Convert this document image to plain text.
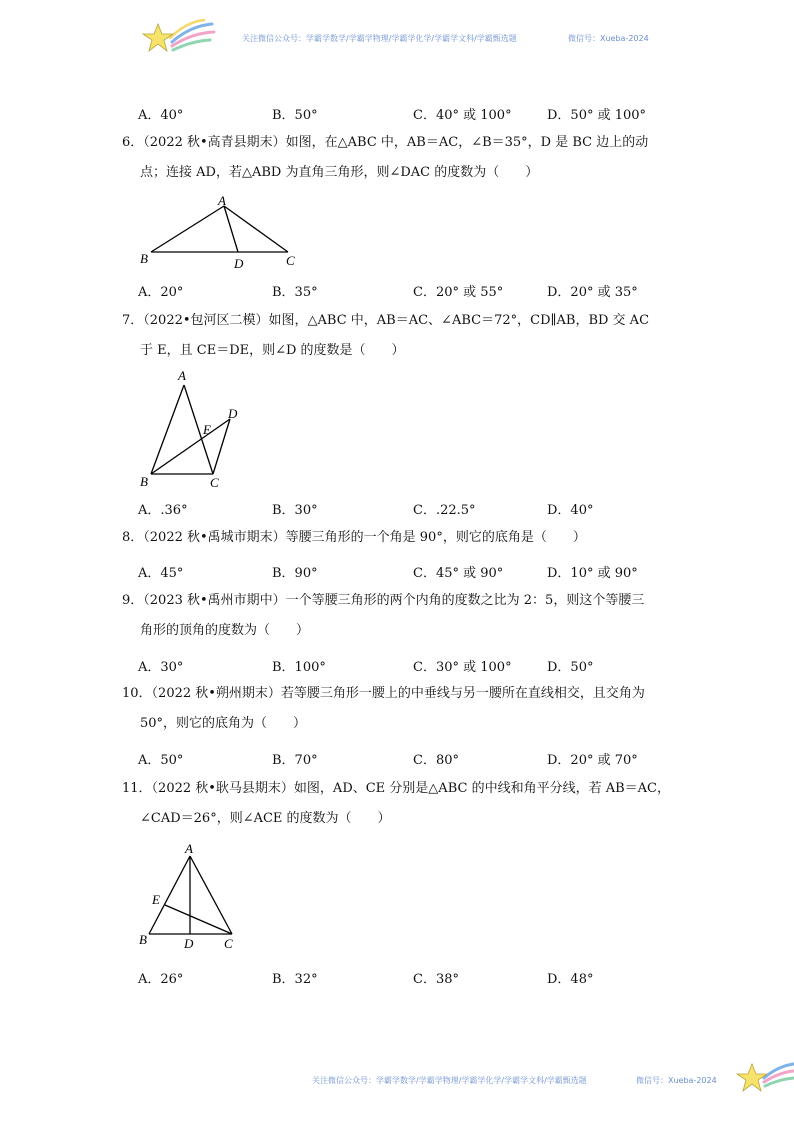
关注微信公众号：学霸学数学/学霸学物理/学霸学化学/学霸学文科/学霸甄选题	微信号：Xueba-2024
A．40°	B．50°	C．40° 或 100°	D．50° 或 100°
6．（2022 秋•高青县期末）如图，在△ABC 中，AB＝AC，∠B＝35°，D 是 BC 边上的动
点；连接 AD，若△ABD 为直角三角形，则∠DAC 的度数为（　　）
A
B	D	C
A．20°	B．35°	C．20° 或 55°	D．20° 或 35°
7．（2022•包河区二模）如图，△ABC 中，AB＝AC、∠ABC＝72°，CD∥AB，BD 交 AC
于 E，且 CE＝DE，则∠D 的度数是（　　）
A
D
E
B	C
A．.36°	B．30°	C．.22.5°	D．40°
8．（2022 秋•禹城市期末）等腰三角形的一个角是 90°，则它的底角是（　　）
A．45°	B．90°	C．45° 或 90°	D．10° 或 90°
9．（2023 秋•禹州市期中）一个等腰三角形的两个内角的度数之比为 2：5，则这个等腰三
角形的顶角的度数为（　　）
A．30°	B．100°	C．30° 或 100°	D．50°
10．（2022 秋•朔州期末）若等腰三角形一腰上的中垂线与另一腰所在直线相交，且交角为
50°，则它的底角为（　　）
A．50°	B．70°	C．80°	D．20° 或 70°
11．（2022 秋•耿马县期末）如图，AD、CE 分别是△ABC 的中线和角平分线，若 AB＝AC，
∠CAD＝26°，则∠ACE 的度数为（　　）
A
E
B	D C
A．26°	B．32°	C．38°	D．48°
关注微信公众号：学霸学数学/学霸学物理/学霸学化学/学霸学文科/学霸甄选题	微信号：Xueba-2024
